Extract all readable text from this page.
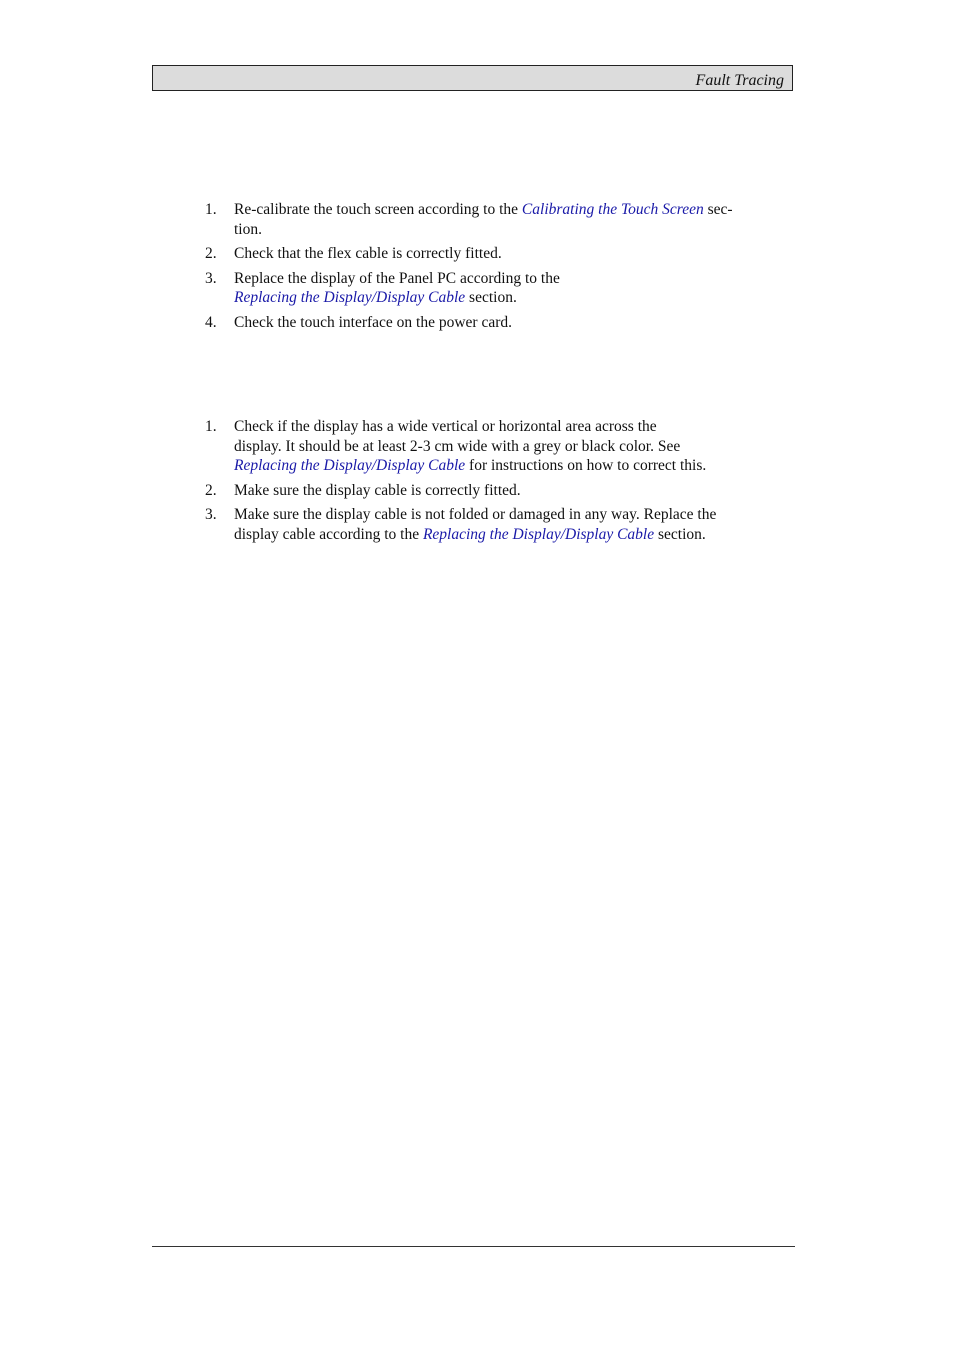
Fault Tracing
1.	Re-calibrate the touch screen according to the Calibrating the Touch Screen sec-
tion.
2.	Check that the flex cable is correctly fitted.
3.	Replace the display of the Panel PC according to the
Replacing the Display/Display Cable section.
4.	Check the touch interface on the power card.
1.	Check if the display has a wide vertical or horizontal area across the
display. It should be at least 2-3 cm wide with a grey or black color. See
Replacing the Display/Display Cable for instructions on how to correct this.
2.	Make sure the display cable is correctly fitted.
3.	Make sure the display cable is not folded or damaged in any way. Replace the
display cable according to the Replacing the Display/Display Cable section.
